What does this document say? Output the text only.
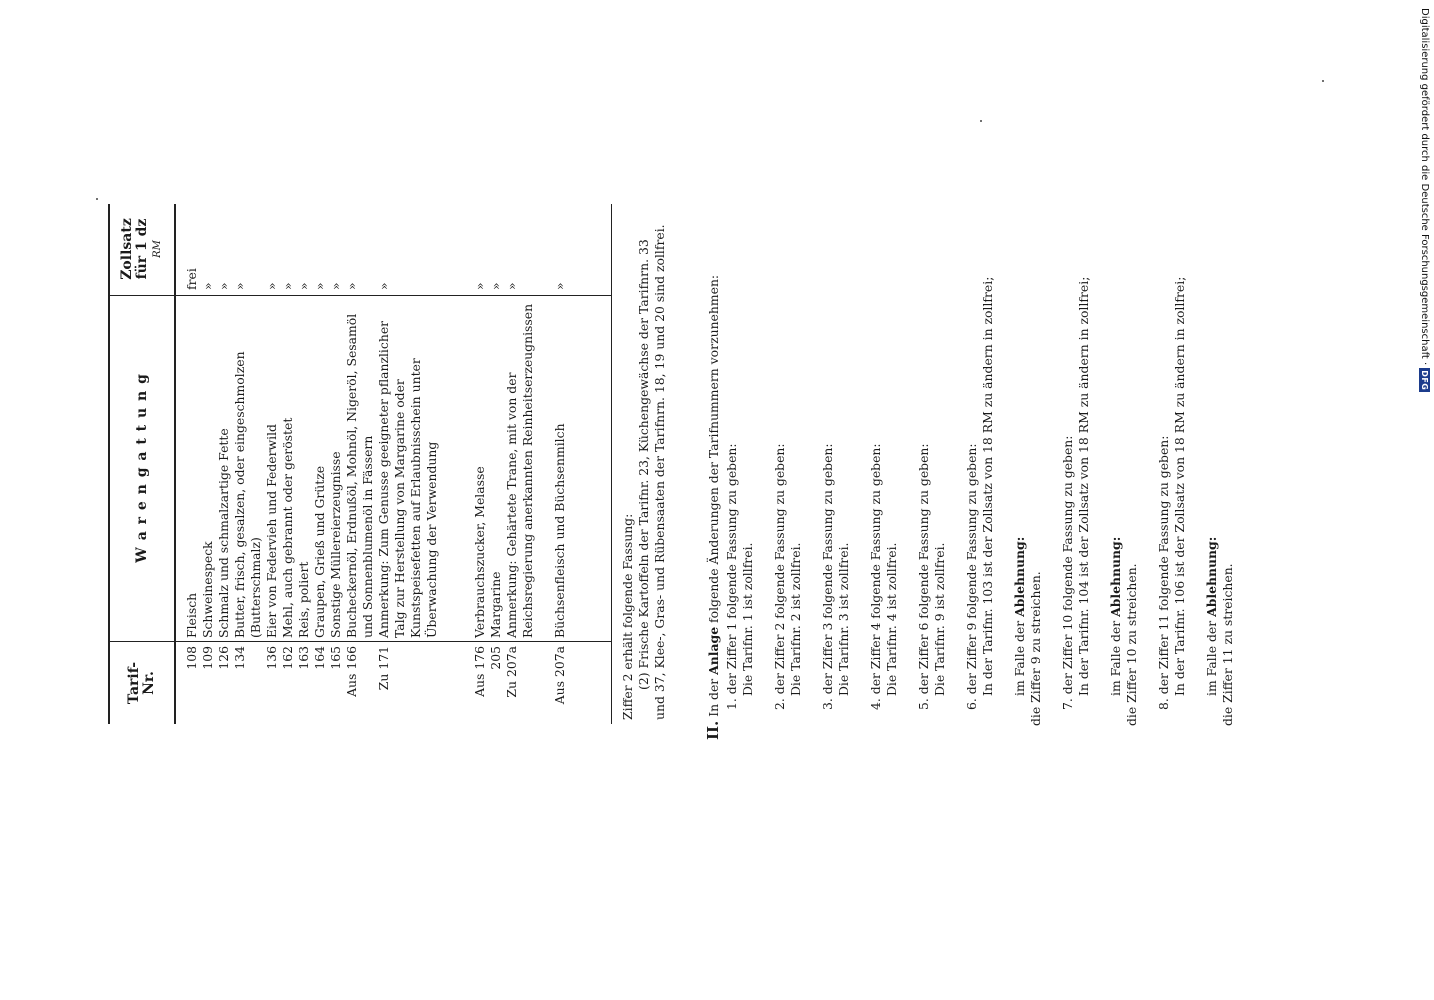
Tarif-
Nr.
W a r e n g a t t u n g
Zollsatz
für 1 dz
RM
108
Fleisch
frei
109
Schweinespeck
»
126
Schmalz und schmalzartige Fette
»
134
Butter, frisch, gesalzen, oder eingeschmolzen (Butterschmalz)
»
136
Eier von Federvieh und Federwild
»
162
Mehl, auch gebrannt oder geröstet
»
163
Reis, poliert
»
164
Graupen, Grieß und Grütze
»
165
Sonstige Müllereierzeugnisse
»
Aus 166
Bucheckernöl, Erdnußöl, Mohnöl, Nigeröl, Sesamöl und Sonnenblumenöl in Fässern
»
Zu 171
Anmerkung: Zum Genusse geeigneter pflanzlicher Talg zur Herstellung von Margarine oder Kunstspeisefetten auf Erlaubnisschein unter Überwachung der Verwendung
»
Aus 176
Verbrauchszucker, Melasse
»
205
Margarine
»
Zu 207a
Anmerkung: Gehärtete Trane, mit von der Reichsregierung anerkannten Reinheitserzeugnissen
»
Aus 207a
Büchsenfleisch und Büchsenmilch
»

Ziffer 2 erhält folgende Fassung: (2) Frische Kartoffeln der Tarifnr. 23, Küchengewächse der Tarifnrn. 33 und 37, Klee-, Gras- und Rübensaaten der Tarifnrn. 18, 19 und 20 sind zollfrei.

II. In der Anlage folgende Änderungen der Tarifnummern vorzunehmen:

1. der Ziffer 1 folgende Fassung zu geben: Die Tarifnr. 1 ist zollfrei.

2. der Ziffer 2 folgende Fassung zu geben: Die Tarifnr. 2 ist zollfrei.

3. der Ziffer 3 folgende Fassung zu geben: Die Tarifnr. 3 ist zollfrei.

4. der Ziffer 4 folgende Fassung zu geben: Die Tarifnr. 4 ist zollfrei.

5. der Ziffer 6 folgende Fassung zu geben: Die Tarifnr. 9 ist zollfrei.

6. der Ziffer 9 folgende Fassung zu geben: In der Tarifnr. 103 ist der Zollsatz von 18 RM zu ändern in zollfrei; im Falle der Ablehnung: die Ziffer 9 zu streichen. 7. der Ziffer 10 folgende Fassung zu geben: In der Tarifnr. 104 ist der Zollsatz von 18 RM zu ändern in zollfrei; im Falle der Ablehnung: die Ziffer 10 zu streichen. 8. der Ziffer 11 folgende Fassung zu geben: In der Tarifnr. 106 ist der Zollsatz von 18 RM zu ändern in zollfrei; im Falle der Ablehnung: die Ziffer 11 zu streichen.

Digitalisierung gefördert durch die Deutsche Forschungsgemeinschaft ·
DFG
